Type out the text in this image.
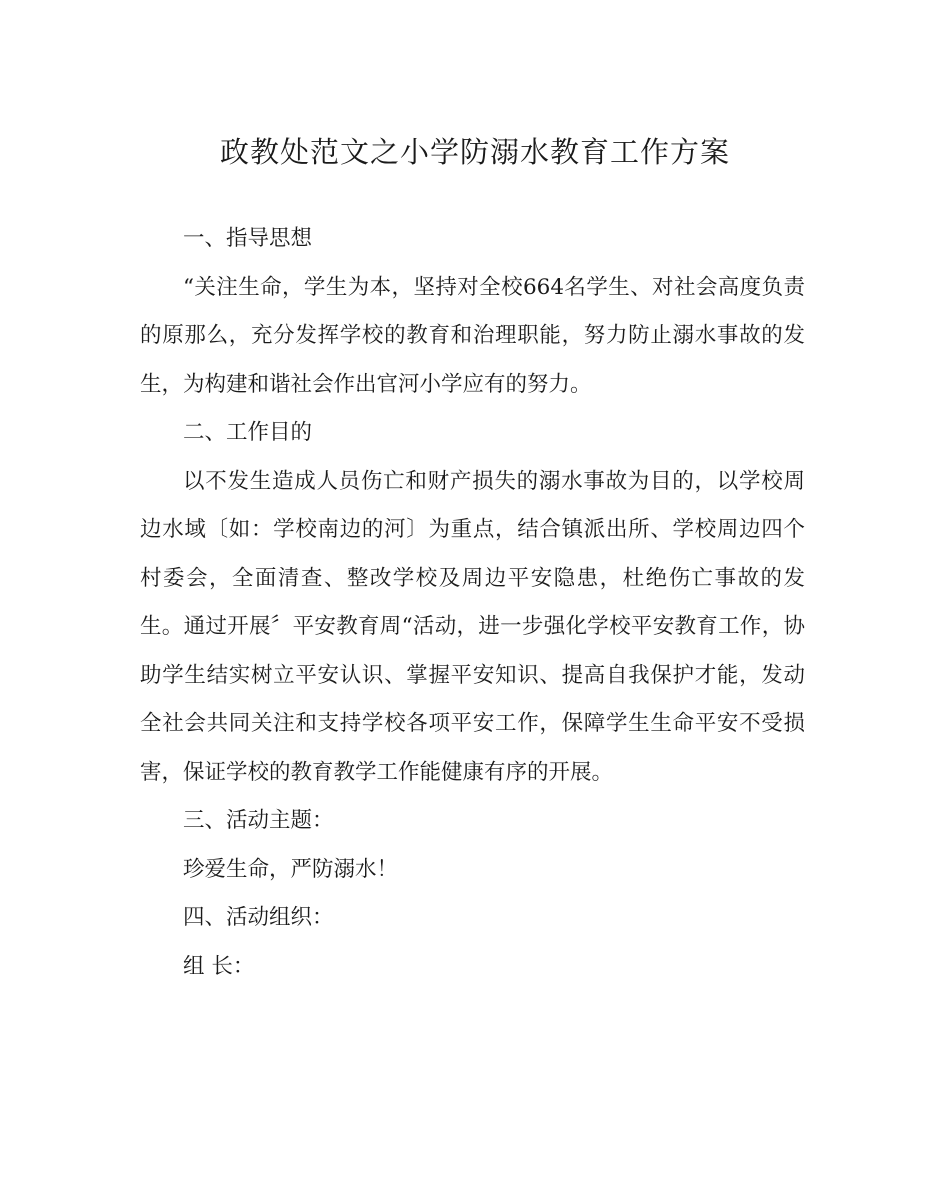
政教处范文之小学防溺水教育工作方案

一、指导思想

“关注生命，学生为本，坚持对全校664名学生、对社会高度负责的原那么，充分发挥学校的教育和治理职能，努力防止溺水事故的发生，为构建和谐社会作出官河小学应有的努力。

二、工作目的

以不发生造成人员伤亡和财产损失的溺水事故为目的，以学校周边水域〔如：学校南边的河〕为重点，结合镇派出所、学校周边四个村委会，全面清查、整改学校及周边平安隐患，杜绝伤亡事故的发生。通过开展〞平安教育周“活动，进一步强化学校平安教育工作，协助学生结实树立平安认识、掌握平安知识、提高自我保护才能，发动全社会共同关注和支持学校各项平安工作，保障学生生命平安不受损害，保证学校的教育教学工作能健康有序的开展。

三、活动主题：

珍爱生命，严防溺水！

四、活动组织：

组 长：
